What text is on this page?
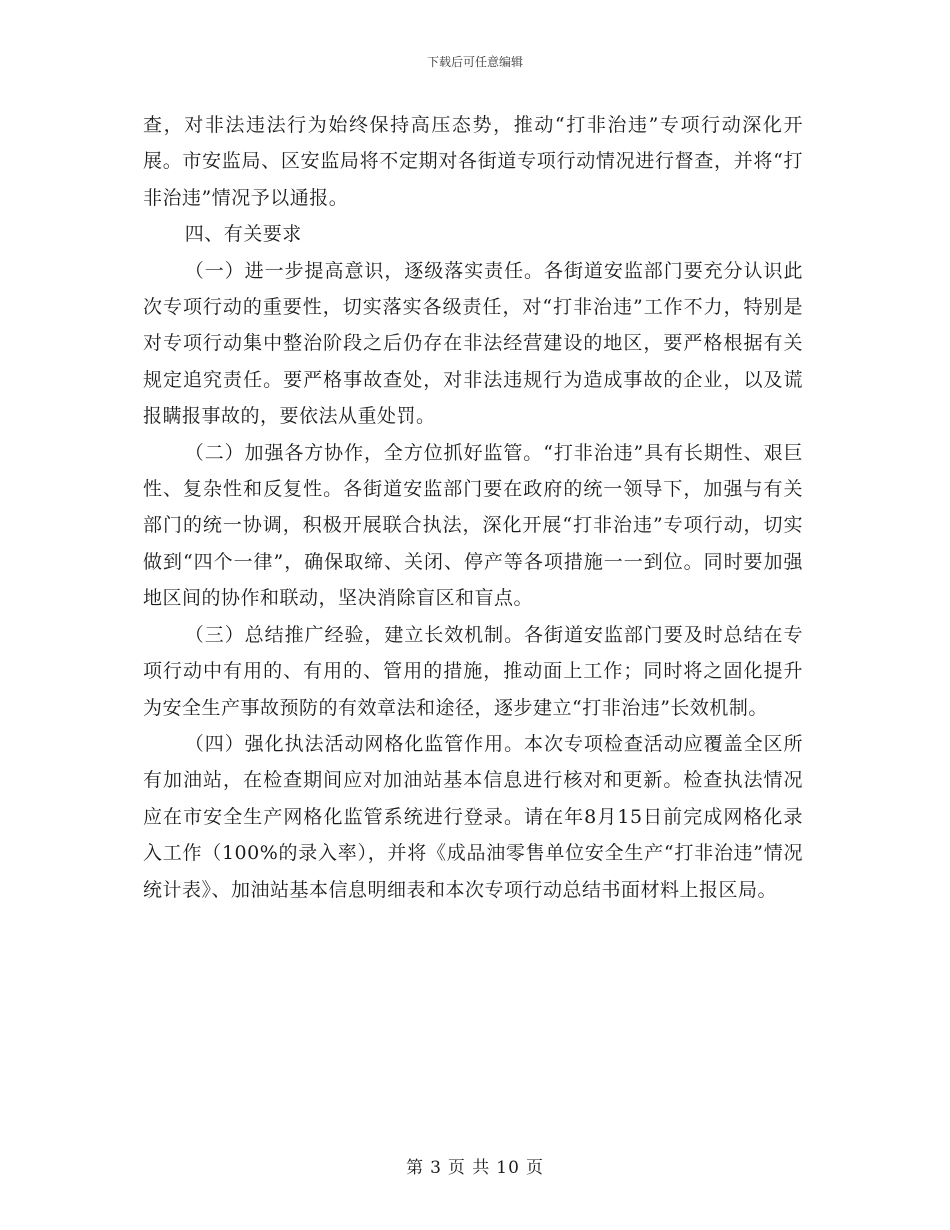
下载后可任意编辑

查，对非法违法行为始终保持高压态势，推动“打非治违”专项行动深化开展。市安监局、区安监局将不定期对各街道专项行动情况进行督查，并将“打非治违”情况予以通报。

四、有关要求

（一）进一步提高意识，逐级落实责任。各街道安监部门要充分认识此次专项行动的重要性，切实落实各级责任，对“打非治违”工作不力，特别是对专项行动集中整治阶段之后仍存在非法经营建设的地区，要严格根据有关规定追究责任。要严格事故查处，对非法违规行为造成事故的企业，以及谎报瞒报事故的，要依法从重处罚。

（二）加强各方协作，全方位抓好监管。“打非治违”具有长期性、艰巨性、复杂性和反复性。各街道安监部门要在政府的统一领导下，加强与有关部门的统一协调，积极开展联合执法，深化开展“打非治违”专项行动，切实做到“四个一律”，确保取缔、关闭、停产等各项措施一一到位。同时要加强地区间的协作和联动，坚决消除盲区和盲点。

（三）总结推广经验，建立长效机制。各街道安监部门要及时总结在专项行动中有用的、有用的、管用的措施，推动面上工作；同时将之固化提升为安全生产事故预防的有效章法和途径，逐步建立“打非治违”长效机制。

（四）强化执法活动网格化监管作用。本次专项检查活动应覆盖全区所有加油站，在检查期间应对加油站基本信息进行核对和更新。检查执法情况应在市安全生产网格化监管系统进行登录。请在年8月15日前完成网格化录入工作（100%的录入率），并将《成品油零售单位安全生产“打非治违”情况统计表》、加油站基本信息明细表和本次专项行动总结书面材料上报区局。

第 3 页 共 10 页
